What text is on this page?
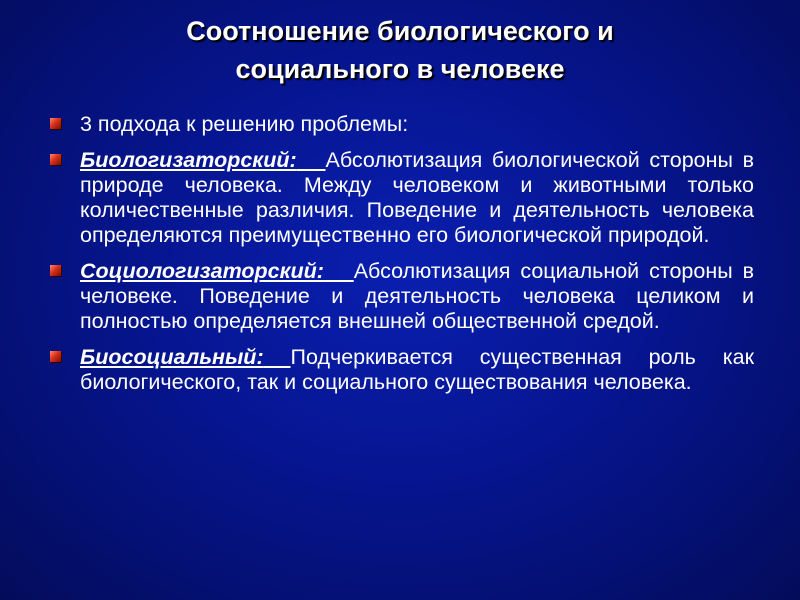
Соотношение биологического и
социального в человеке
3 подхода к решению проблемы:
Биологизаторский: Абсолютизация биологической стороны в природе человека. Между человеком и животными только количественные различия. Поведение и деятельность человека определяются преимущественно его биологической природой.
Социологизаторский: Абсолютизация социальной стороны в человеке. Поведение и деятельность человека целиком и полностью определяется внешней общественной средой.
Биосоциальный: Подчеркивается существенная роль как биологического, так и социального существования человека.
